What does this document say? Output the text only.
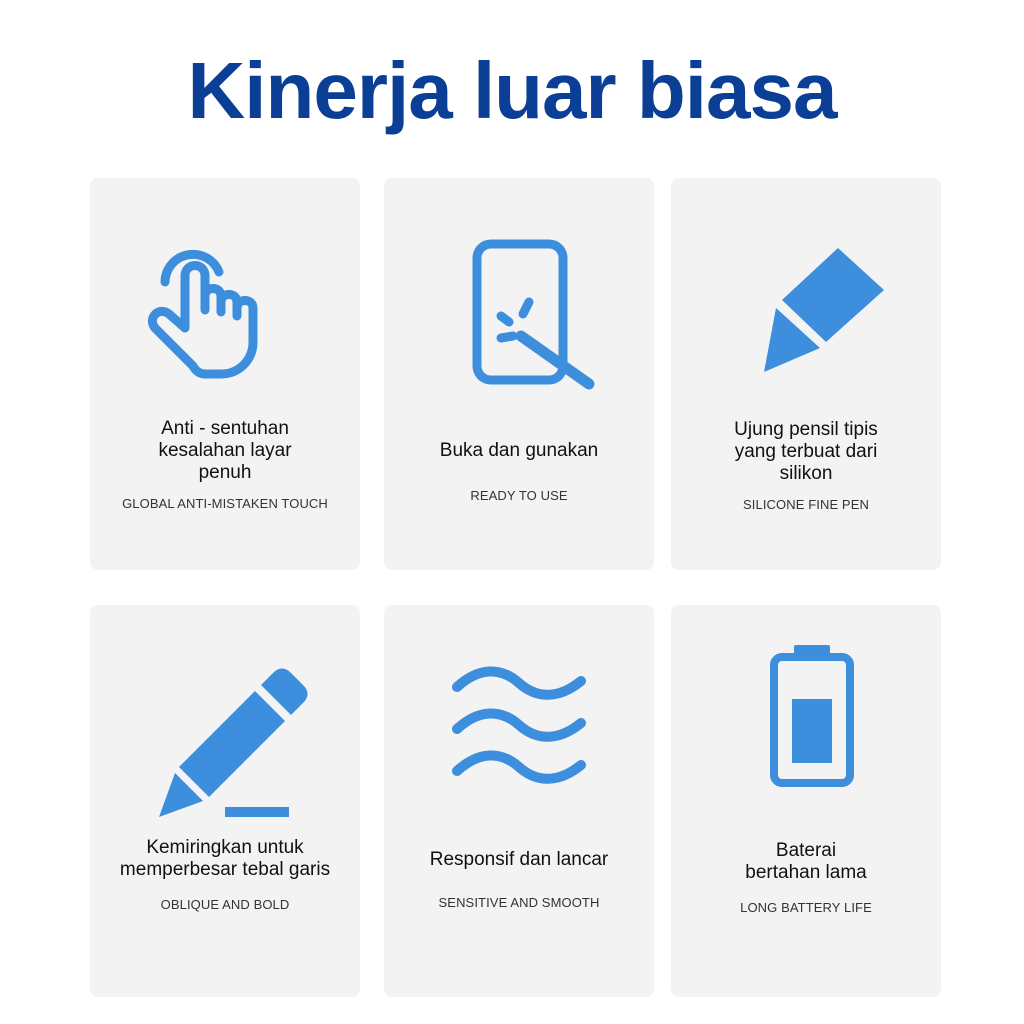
Kinerja luar biasa
Anti - sentuhan
kesalahan layar
penuh
GLOBAL ANTI-MISTAKEN TOUCH
Buka dan gunakan
READY TO USE
Ujung pensil tipis
yang terbuat dari
silikon
SILICONE FINE PEN
Kemiringkan untuk
memperbesar tebal garis
OBLIQUE AND BOLD
Responsif dan lancar
SENSITIVE AND SMOOTH
Baterai
bertahan lama
LONG BATTERY LIFE
